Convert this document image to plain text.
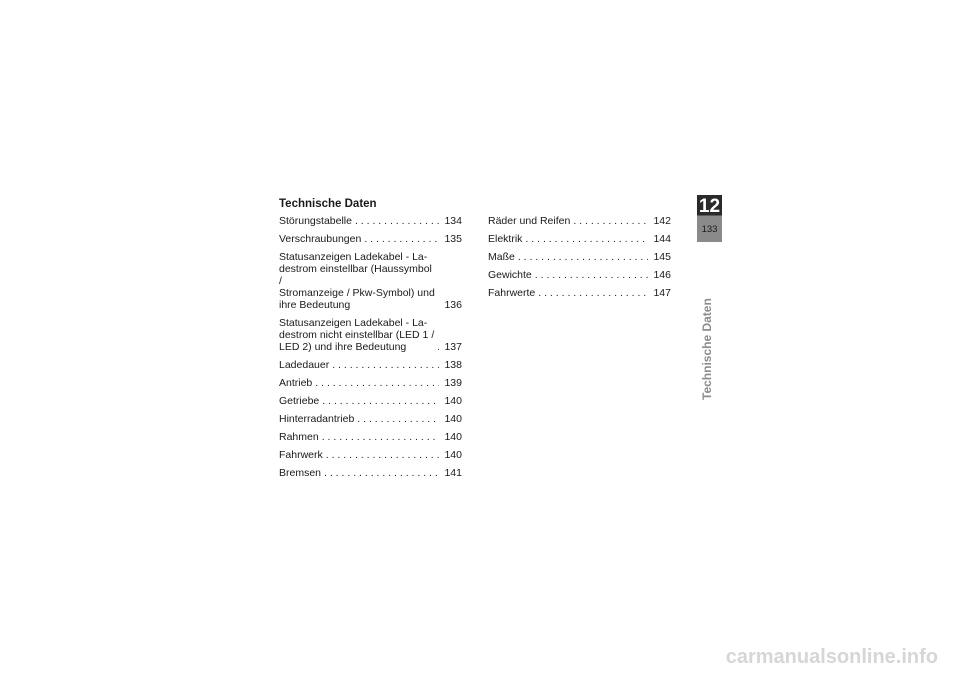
Technische Daten
Störungstabelle . . .	134
Verschraubungen . . .	135
Statusanzeigen Ladekabel - La-
destrom einstellbar (Haussymbol /
Stromanzeige / Pkw-Symbol) und
ihre Bedeutung	136
Statusanzeigen Ladekabel - La-
destrom nicht einstellbar (LED 1 /
LED 2) und ihre Bedeutung . . .	137
Ladedauer . . .	138
Antrieb . . .	139
Getriebe . . .	140
Hinterradantrieb . . .	140
Rahmen . . .	140
Fahrwerk . . .	140
Bremsen . . .	141
Räder und Reifen . . .	142
Elektrik . . .	144
Maße . . .	145
Gewichte . . .	146
Fahrwerte . . .	147
12
133
Technische Daten
carmanualsonline.info
